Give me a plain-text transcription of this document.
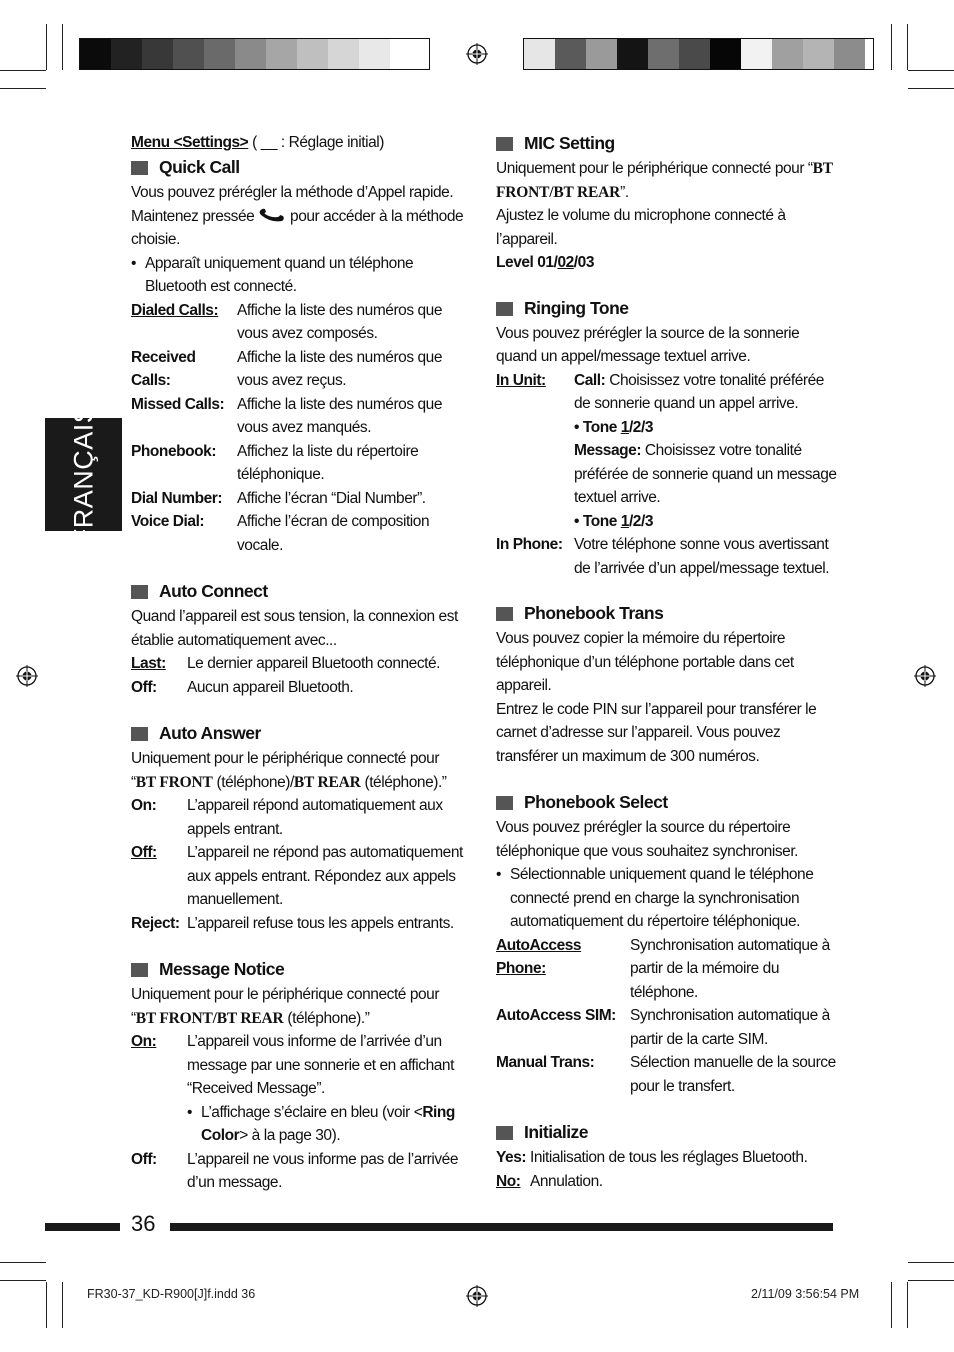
FRANÇAIS

Menu <Settings> ( __ : Réglage initial)

Quick Call

Vous pouvez prérégler la méthode d’Appel rapide.

Maintenez pressée pour accéder à la méthode choisie.

• Apparaît uniquement quand un téléphone Bluetooth est connecté.
Dialed Calls:	Affiche la liste des numéros que vous avez composés.
Received Calls:
Affiche la liste des numéros que vous avez reçus.
Missed Calls: Affiche la liste des numéros que vous avez manqués.
Phonebook:	Affichez la liste du répertoire téléphonique.
Dial Number: Affiche l’écran “Dial Number”.
Voice Dial:	Affiche l’écran de composition vocale.
Auto Connect

Quand l’appareil est sous tension, la connexion est établie automatiquement avec...

Last:	Le dernier appareil Bluetooth connecté.
Off:	Aucun appareil Bluetooth.
Auto Answer

Uniquement pour le périphérique connecté pour “BT FRONT (téléphone)/BT REAR (téléphone).”

On:	L’appareil répond automatiquement aux appels entrant.
Off:	L’appareil ne répond pas automatiquement aux appels entrant. Répondez aux appels manuellement.
Reject: L’appareil refuse tous les appels entrants.
Message Notice

Uniquement pour le périphérique connecté pour “BT FRONT/BT REAR (téléphone).”

On:	L’appareil vous informe de l’arrivée d’un message par une sonnerie et en affichant “Received Message”.
• L’affichage s’éclaire en bleu (voir <Ring Color> à la page 30).
Off:	L’appareil ne vous informe pas de l’arrivée d’un message.
MIC Setting

Uniquement pour le périphérique connecté pour “BT FRONT/BT REAR”.

Ajustez le volume du microphone connecté à l’appareil.

Level 01/02/03

Ringing Tone

Vous pouvez prérégler la source de la sonnerie quand un appel/message textuel arrive.

In Unit:	Call: Choisissez votre tonalité préférée de sonnerie quand un appel arrive.
• Tone 1/2/3
Message: Choisissez votre tonalité préférée de sonnerie quand un message textuel arrive.
• Tone 1/2/3
In Phone: Votre téléphone sonne vous avertissant de l’arrivée d’un appel/message textuel.
Phonebook Trans

Vous pouvez copier la mémoire du répertoire téléphonique d’un téléphone portable dans cet appareil.

Entrez le code PIN sur l’appareil pour transférer le carnet d’adresse sur l’appareil. Vous pouvez transférer un maximum de 300 numéros.

Phonebook Select

Vous pouvez prérégler la source du répertoire téléphonique que vous souhaitez synchroniser.

• Sélectionnable uniquement quand le téléphone connecté prend en charge la synchronisation automatiquement du répertoire téléphonique.
AutoAccess Phone:
Synchronisation automatique à partir de la mémoire du téléphone.
AutoAccess SIM: Synchronisation automatique à partir de la carte SIM.
Manual Trans:	Sélection manuelle de la source pour le transfert.
Initialize
Yes: Initialisation de tous les réglages Bluetooth.
No: Annulation.
36
FR30-37_KD-R900[J]f.indd 36	2/11/09 3:56:54 PM
